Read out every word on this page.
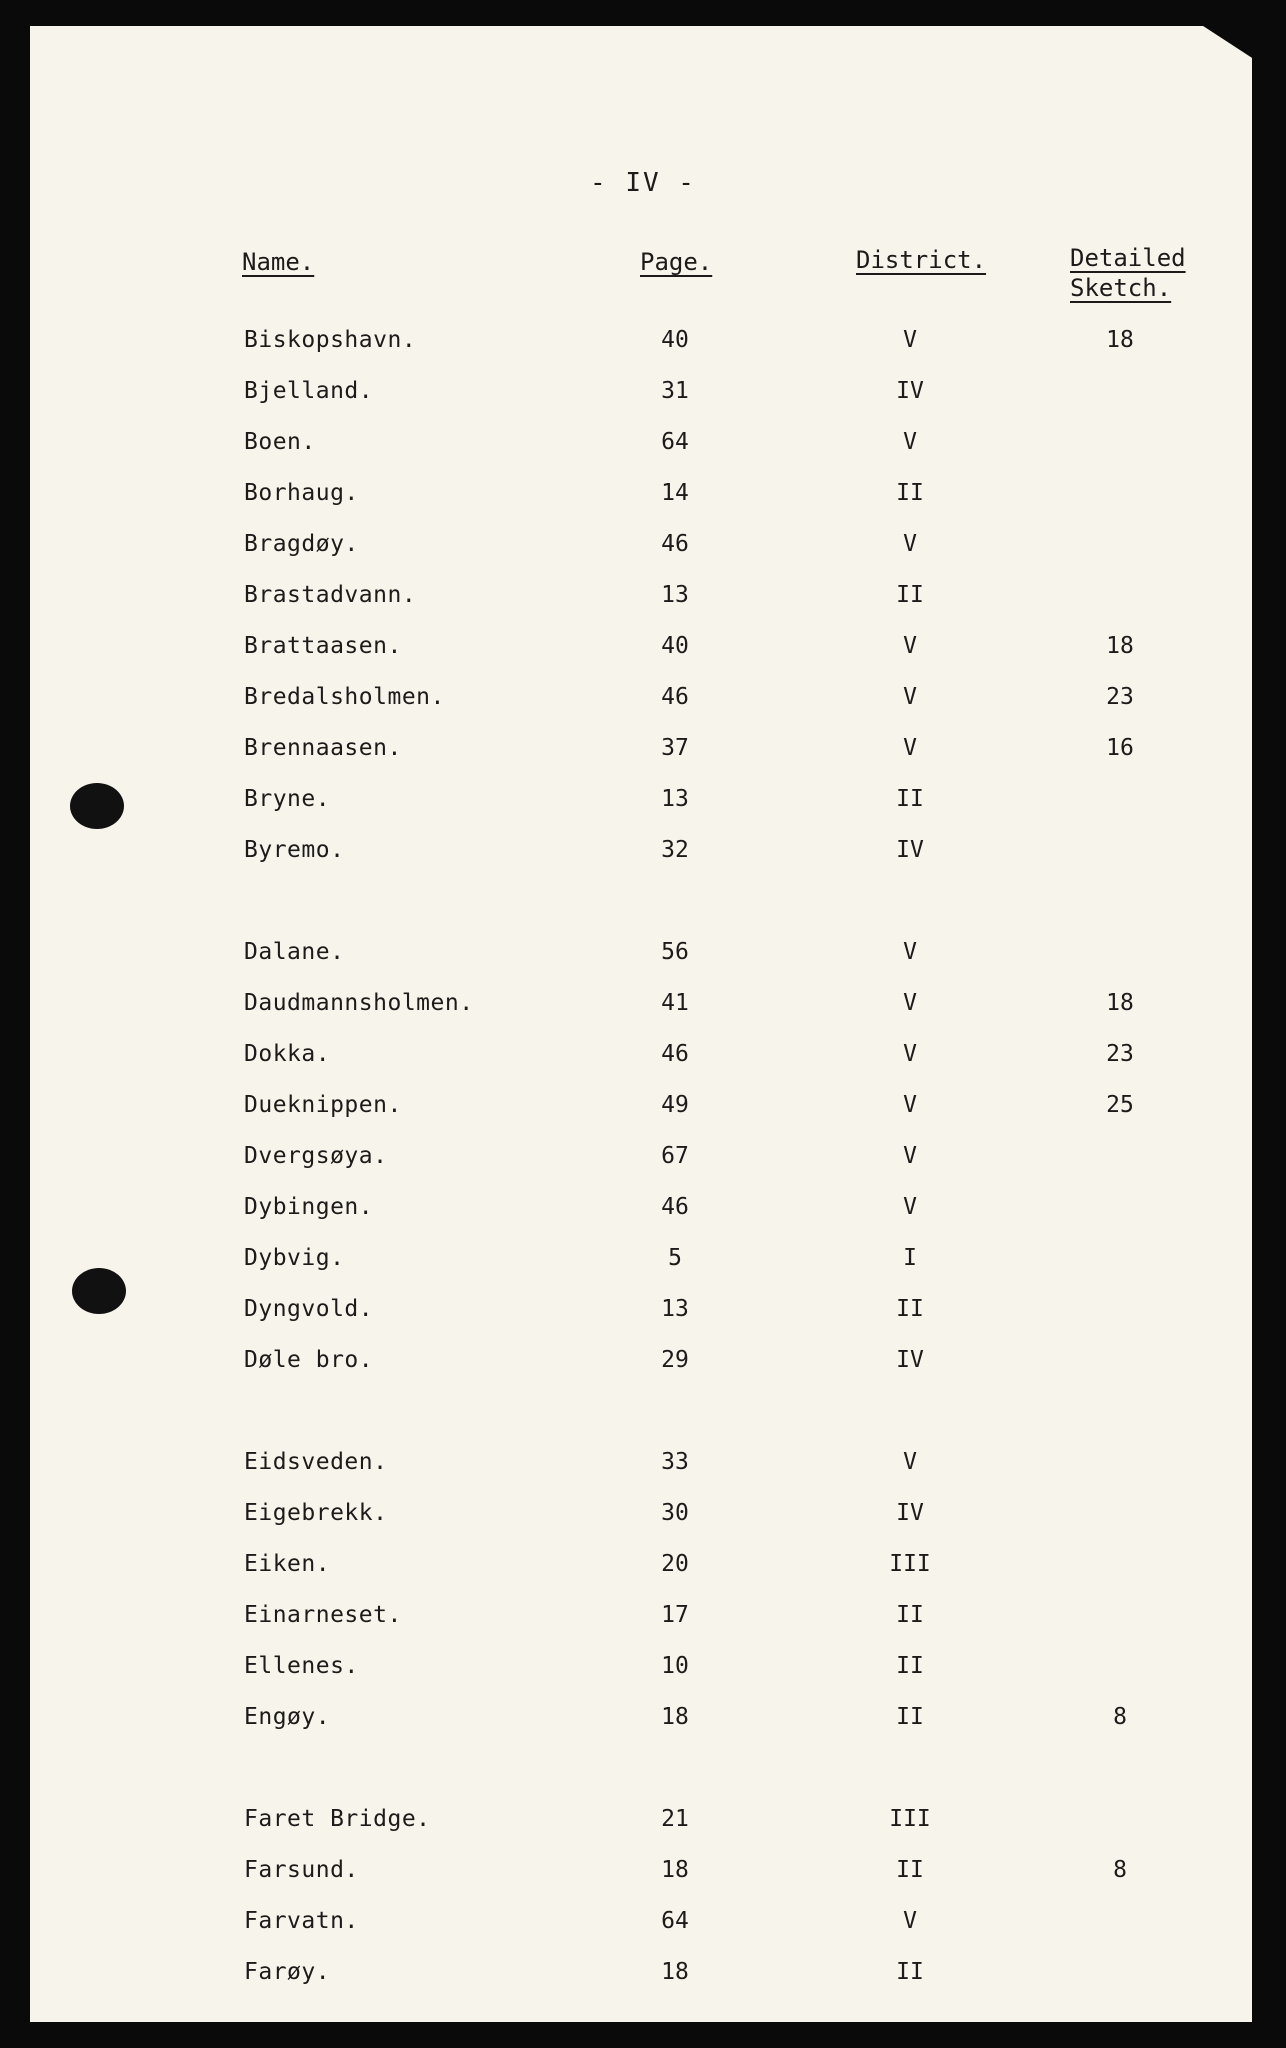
- IV -
Name.	Page.	District.	Detailed
Sketch.
Biskopshavn.	40	V	18
Bjelland.	31	IV
Boen.	64	V
Borhaug.	14	II
Bragdøy.	46	V
Brastadvann.	13	II
Brattaasen.	40	V	18
Bredalsholmen.	46	V	23
Brennaasen.	37	V	16
Bryne.	13	II
Byremo.	32	IV
Dalane.	56	V
Daudmannsholmen.	41	V	18
Dokka.	46	V	23
Dueknippen.	49	V	25
Dvergsøya.	67	V
Dybingen.	46	V
Dybvig.	5	I
Dyngvold.	13	II
Døle bro.	29	IV
Eidsveden.	33	V
Eigebrekk.	30	IV
Eiken.	20	III
Einarneset.	17	II
Ellenes.	10	II
Engøy.	18	II	8
Faret Bridge.	21	III
Farsund.	18	II	8
Farvatn.	64	V
Farøy.	18	II
